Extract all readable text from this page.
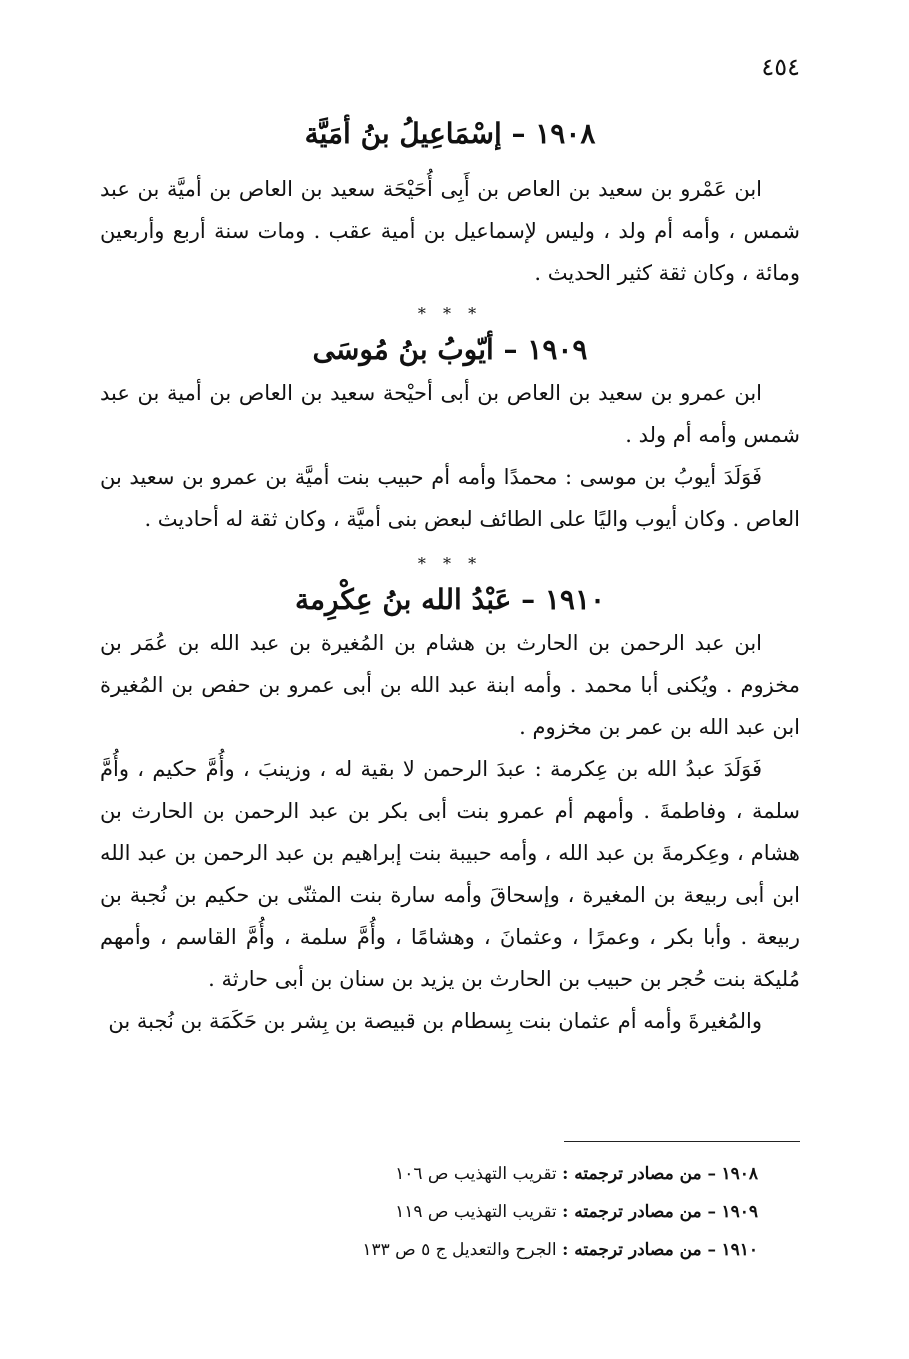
٤٥٤
١٩٠٨ – إسْمَاعِيلُ بنُ أمَيَّة

ابن عَمْرو بن سعيد بن العاص بن أَبِى أُحَيْحَة سعيد بن العاص بن أميَّة بن عبد شمس ، وأمه أم ولد ، وليس لإسماعيل بن أمية عقب . ومات سنة أربع وأربعين ومائة ، وكان ثقة كثير الحديث .

* * *

١٩٠٩ – أيّوبُ بنُ مُوسَى

ابن عمرو بن سعيد بن العاص بن أبى أحيْحة سعيد بن العاص بن أمية بن عبد شمس وأمه أم ولد .

فَوَلَدَ أيوبُ بن موسى : محمدًا وأمه أم حبيب بنت أميَّة بن عمرو بن سعيد بن العاص . وكان أيوب واليًا على الطائف لبعض بنى أميَّة ، وكان ثقة له أحاديث .

* * *

١٩١٠ – عَبْدُ الله بنُ عِكْرِمة

ابن عبد الرحمن بن الحارث بن هشام بن المُغيرة بن عبد الله بن عُمَر بن مخزوم . ويُكنى أبا محمد . وأمه ابنة عبد الله بن أبى عمرو بن حفص بن المُغيرة ابن عبد الله بن عمر بن مخزوم .

فَوَلَدَ عبدُ الله بن عِكرمة : عبدَ الرحمن لا بقية له ، وزينبَ ، وأُمَّ حكيم ، وأُمَّ سلمة ، وفاطمةَ . وأمهم أم عمرو بنت أبى بكر بن عبد الرحمن بن الحارث بن هشام ، وعِكرمةَ بن عبد الله ، وأمه حبيبة بنت إبراهيم بن عبد الرحمن بن عبد الله ابن أبى ربيعة بن المغيرة ، وإسحاقَ وأمه سارة بنت المثنّى بن حكيم بن نُجبة بن ربيعة . وأبا بكر ، وعمرًا ، وعثمانَ ، وهشامًا ، وأُمَّ سلمة ، وأُمَّ القاسم ، وأمهم مُليكة بنت حُجر بن حبيب بن الحارث بن يزيد بن سنان بن أبى حارثة .

والمُغيرةَ وأمه أم عثمان بنت بِسطام بن قبيصة بن بِشر بن حَكَمَة بن نُجبة بن

١٩٠٨ – من مصادر ترجمته : تقريب التهذيب ص ١٠٦

١٩٠٩ – من مصادر ترجمته : تقريب التهذيب ص ١١٩

١٩١٠ – من مصادر ترجمته : الجرح والتعديل ج ٥ ص ١٣٣
